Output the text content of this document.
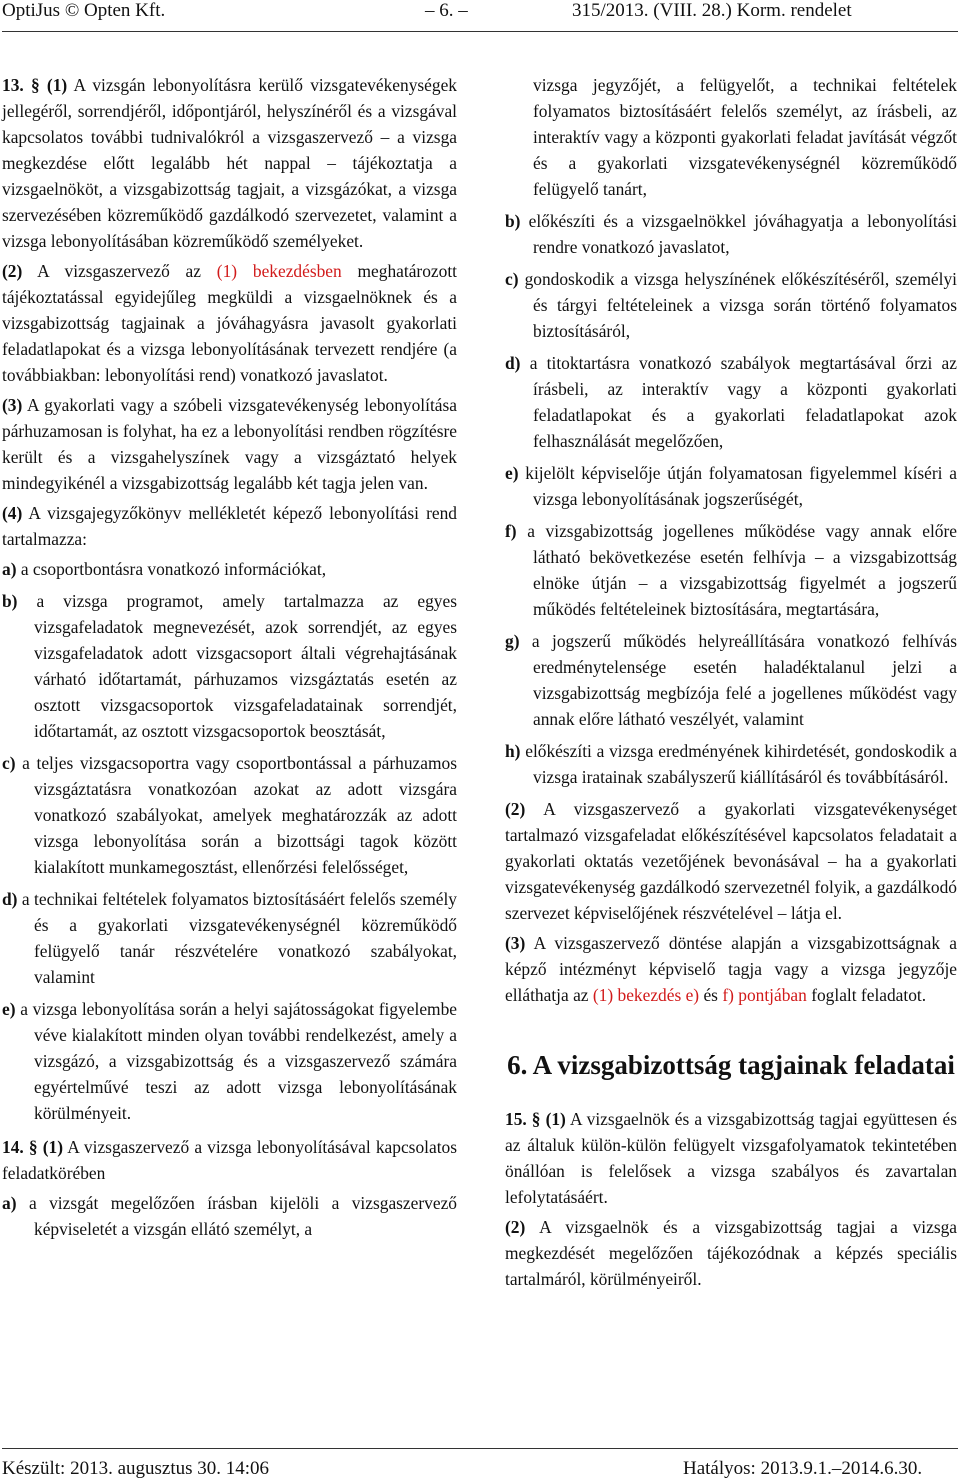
OptiJus © Opten Kft.	– 6. –	315/2013. (VIII. 28.) Korm. rendelet

13. § (1) A vizsgán lebonyolításra kerülő vizsgatevékenységek jellegéről, sorrendjéről, időpontjáról, helyszínéről és a vizsgával kapcsolatos további tudnivalókról a vizsgaszervező – a vizsga megkezdése előtt legalább hét nappal – tájékoztatja a vizsgaelnököt, a vizsgabizottság tagjait, a vizsgázókat, a vizsga szervezésében közreműködő gazdálkodó szervezetet, valamint a vizsga lebonyolításában közreműködő személyeket.

(2) A vizsgaszervező az (1) bekezdésben meghatározott tájékoztatással egyidejűleg megküldi a vizsgaelnöknek és a vizsgabizottság tagjainak a jóváhagyásra javasolt gyakorlati feladatlapokat és a vizsga lebonyolításának tervezett rendjére (a továbbiakban: lebonyolítási rend) vonatkozó javaslatot.

(3) A gyakorlati vagy a szóbeli vizsgatevékenység lebonyolítása párhuzamosan is folyhat, ha ez a lebonyolítási rendben rögzítésre került és a vizsgahelyszínek vagy a vizsgáztató helyek mindegyikénél a vizsgabizottság legalább két tagja jelen van.

(4) A vizsgajegyzőkönyv mellékletét képező lebonyolítási rend tartalmazza:

a) a csoportbontásra vonatkozó információkat,

b) a vizsga programot, amely tartalmazza az egyes vizsgafeladatok megnevezését, azok sorrendjét, az egyes vizsgafeladatok adott vizsgacsoport általi végrehajtásának várható időtartamát, párhuzamos vizsgáztatás esetén az osztott vizsgacsoportok vizsgafeladatainak sorrendjét, időtartamát, az osztott vizsgacsoportok beosztását,

c) a teljes vizsgacsoportra vagy csoportbontással a párhuzamos vizsgáztatásra vonatkozóan azokat az adott vizsgára vonatkozó szabályokat, amelyek meghatározzák az adott vizsga lebonyolítása során a bizottsági tagok között kialakított munkamegosztást, ellenőrzési felelősséget,

d) a technikai feltételek folyamatos biztosításáért felelős személy és a gyakorlati vizsgatevékenységnél közreműködő felügyelő tanár részvételére vonatkozó szabályokat, valamint

e) a vizsga lebonyolítása során a helyi sajátosságokat figyelembe véve kialakított minden olyan további rendelkezést, amely a vizsgázó, a vizsgabizottság és a vizsgaszervező számára egyértelművé teszi az adott vizsga lebonyolításának körülményeit.

14. § (1) A vizsgaszervező a vizsga lebonyolításával kapcsolatos feladatkörében

a) a vizsgát megelőzően írásban kijelöli a vizsgaszervező képviseletét a vizsgán ellátó személyt, a

vizsga jegyzőjét, a felügyelőt, a technikai feltételek folyamatos biztosításáért felelős személyt, az írásbeli, az interaktív vagy a központi gyakorlati feladat javítását végzőt és a gyakorlati vizsgatevékenységnél közreműködő felügyelő tanárt,

b) előkészíti és a vizsgaelnökkel jóváhagyatja a lebonyolítási rendre vonatkozó javaslatot,

c) gondoskodik a vizsga helyszínének előkészítéséről, személyi és tárgyi feltételeinek a vizsga során történő folyamatos biztosításáról,

d) a titoktartásra vonatkozó szabályok megtartásával őrzi az írásbeli, az interaktív vagy a központi gyakorlati feladatlapokat és a gyakorlati feladatlapokat azok felhasználását megelőzően,

e) kijelölt képviselője útján folyamatosan figyelemmel kíséri a vizsga lebonyolításának jogszerűségét,

f) a vizsgabizottság jogellenes működése vagy annak előre látható bekövetkezése esetén felhívja – a vizsgabizottság elnöke útján – a vizsgabizottság figyelmét a jogszerű működés feltételeinek biztosítására, megtartására,

g) a jogszerű működés helyreállítására vonatkozó felhívás eredménytelensége esetén haladéktalanul jelzi a vizsgabizottság megbízója felé a jogellenes működést vagy annak előre látható veszélyét, valamint

h) előkészíti a vizsga eredményének kihirdetését, gondoskodik a vizsga iratainak szabályszerű kiállításáról és továbbításáról.

(2) A vizsgaszervező a gyakorlati vizsgatevékenységet tartalmazó vizsgafeladat előkészítésével kapcsolatos feladatait a gyakorlati oktatás vezetőjének bevonásával – ha a gyakorlati vizsgatevékenység gazdálkodó szervezetnél folyik, a gazdálkodó szervezet képviselőjének részvételével – látja el.

(3) A vizsgaszervező döntése alapján a vizsgabizottságnak a képző intézményt képviselő tagja vagy a vizsga jegyzője elláthatja az (1) bekezdés e) és f) pontjában foglalt feladatot.

6. A vizsgabizottság tagjainak feladatai

15. § (1) A vizsgaelnök és a vizsgabizottság tagjai együttesen és az általuk külön-külön felügyelt vizsgafolyamatok tekintetében önállóan is felelősek a vizsga szabályos és zavartalan lefolytatásáért.

(2) A vizsgaelnök és a vizsgabizottság tagjai a vizsga megkezdését megelőzően tájékozódnak a képzés speciális tartalmáról, körülményeiről.

Készült: 2013. augusztus 30. 14:06	Hatályos: 2013.9.1.–2014.6.30.
